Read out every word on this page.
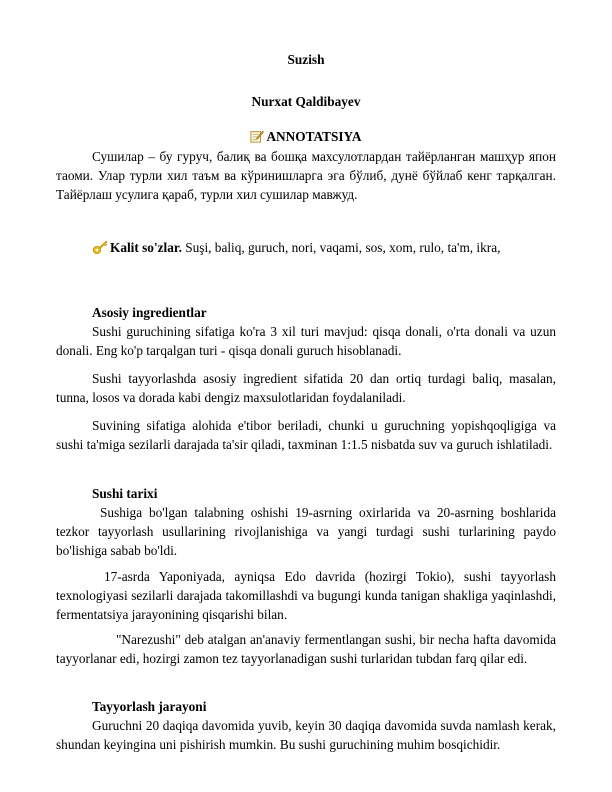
Suzish
Nurxat Qaldibayev
ANNOTATSIYA

Сушилар – бу гуруч, балиқ ва бошқа махсулотлардан тайёрланган машҳур япон таоми. Улар турли хил таъм ва кўринишларга эга бўлиб, дунё бўйлаб кенг тарқалган. Тайёрлаш усулига қараб, турли хил сушилар мавжуд.

Kalit so'zlar. Suşi, baliq, guruch, nori, vaqami, sos, xom, rulo, ta'm, ikra,
Asosiy ingredientlar

Sushi guruchining sifatiga ko'ra 3 xil turi mavjud: qisqa donali, o'rta donali va uzun donali. Eng ko'p tarqalgan turi - qisqa donali guruch hisoblanadi.

Sushi tayyorlashda asosiy ingredient sifatida 20 dan ortiq turdagi baliq, masalan, tunna, losos va dorada kabi dengiz maxsulotlaridan foydalaniladi.

Suvining sifatiga alohida e'tibor beriladi, chunki u guruchning yopishqoqligiga va sushi ta'miga sezilarli darajada ta'sir qiladi, taxminan 1:1.5 nisbatda suv va guruch ishlatiladi.

Sushi tarixi

Sushiga bo'lgan talabning oshishi 19-asrning oxirlarida va 20-asrning boshlarida tezkor tayyorlash usullarining rivojlanishiga va yangi turdagi sushi turlarining paydo bo'lishiga sabab bo'ldi.

17-asrda Yaponiyada, ayniqsa Edo davrida (hozirgi Tokio), sushi tayyorlash texnologiyasi sezilarli darajada takomillashdi va bugungi kunda tanigan shakliga yaqinlashdi, fermentatsiya jarayonining qisqarishi bilan.

"Narezushi" deb atalgan an'anaviy fermentlangan sushi, bir necha hafta davomida tayyorlanar edi, hozirgi zamon tez tayyorlanadigan sushi turlaridan tubdan farq qilar edi.

Tayyorlash jarayoni

Guruchni 20 daqiqa davomida yuvib, keyin 30 daqiqa davomida suvda namlash kerak, shundan keyingina uni pishirish mumkin. Bu sushi guruchining muhim bosqichidir.
